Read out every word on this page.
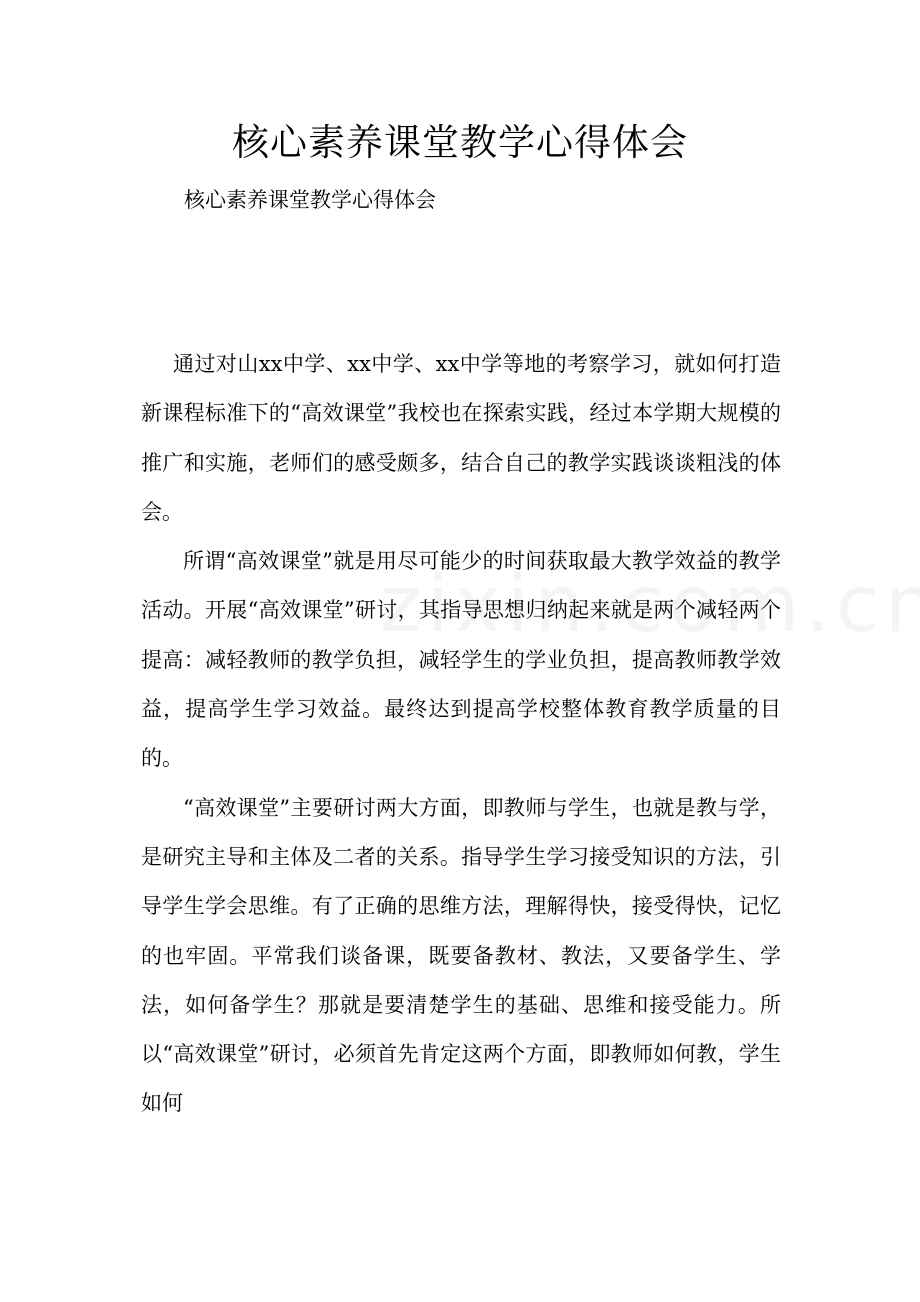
核心素养课堂教学心得体会

核心素养课堂教学心得体会

通过对山xx中学、xx中学、xx中学等地的考察学习，就如何打造新课程标准下的“高效课堂”我校也在探索实践，经过本学期大规模的推广和实施，老师们的感受颇多，结合自己的教学实践谈谈粗浅的体会。

所谓“高效课堂”就是用尽可能少的时间获取最大教学效益的教学活动。开展“高效课堂”研讨，其指导思想归纳起来就是两个减轻两个提高：减轻教师的教学负担，减轻学生的学业负担，提高教师教学效益，提高学生学习效益。最终达到提高学校整体教育教学质量的目的。

“高效课堂”主要研讨两大方面，即教师与学生，也就是教与学，是研究主导和主体及二者的关系。指导学生学习接受知识的方法，引导学生学会思维。有了正确的思维方法，理解得快，接受得快，记忆的也牢固。平常我们谈备课，既要备教材、教法，又要备学生、学法，如何备学生？那就是要清楚学生的基础、思维和接受能力。所以“高效课堂”研讨，必须首先肯定这两个方面，即教师如何教，学生如何
